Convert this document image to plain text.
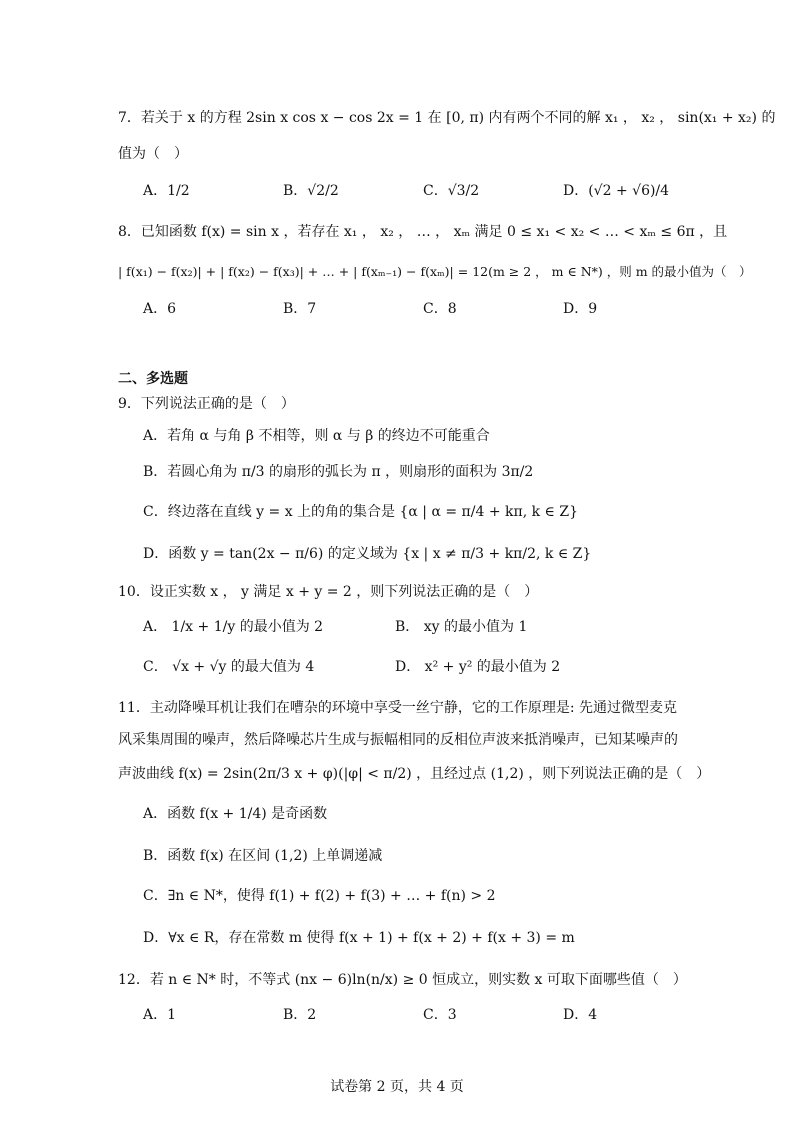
7．若关于 x 的方程 2sin x cos x − cos 2x = 1 在 [0, π) 内有两个不同的解 x₁ ， x₂ ， sin(x₁ + x₂) 的
值为（　）
A．1/2	B．√2/2	C．√3/2	D．(√2 + √6)/4
8．已知函数 f(x) = sin x ，若存在 x₁ ， x₂ ， … ， xₘ 满足 0 ≤ x₁ < x₂ < … < xₘ ≤ 6π ，且
| f(x₁) − f(x₂)| + | f(x₂) − f(x₃)| + … + | f(xₘ₋₁) − f(xₘ)| = 12(m ≥ 2 ， m ∈ N*) ，则 m 的最小值为（　）
A．6	B．7	C．8	D．9
二、多选题
9．下列说法正确的是（　）
A．若角 α 与角 β 不相等，则 α 与 β 的终边不可能重合
B．若圆心角为 π/3 的扇形的弧长为 π ，则扇形的面积为 3π/2
C．终边落在直线 y = x 上的角的集合是 {α | α = π/4 + kπ, k ∈ Z}
D．函数 y = tan(2x − π/6) 的定义域为 {x | x ≠ π/3 + kπ/2, k ∈ Z}
10．设正实数 x ， y 满足 x + y = 2 ，则下列说法正确的是（　）
A． 1/x + 1/y 的最小值为 2	B． xy 的最小值为 1
C． √x + √y 的最大值为 4	D． x² + y² 的最小值为 2
11．主动降噪耳机让我们在嘈杂的环境中享受一丝宁静，它的工作原理是: 先通过微型麦克
风采集周围的噪声，然后降噪芯片生成与振幅相同的反相位声波来抵消噪声，已知某噪声的
声波曲线 f(x) = 2sin(2π/3 x + φ)(|φ| < π/2) ，且经过点 (1,2) ，则下列说法正确的是（　）
A．函数 f(x + 1/4) 是奇函数
B．函数 f(x) 在区间 (1,2) 上单调递减
C．∃n ∈ N*，使得 f(1) + f(2) + f(3) + … + f(n) > 2
D．∀x ∈ R，存在常数 m 使得 f(x + 1) + f(x + 2) + f(x + 3) = m
12．若 n ∈ N* 时，不等式 (nx − 6)ln(n/x) ≥ 0 恒成立，则实数 x 可取下面哪些值（　）
A．1	B．2	C．3	D．4
试卷第 2 页，共 4 页
